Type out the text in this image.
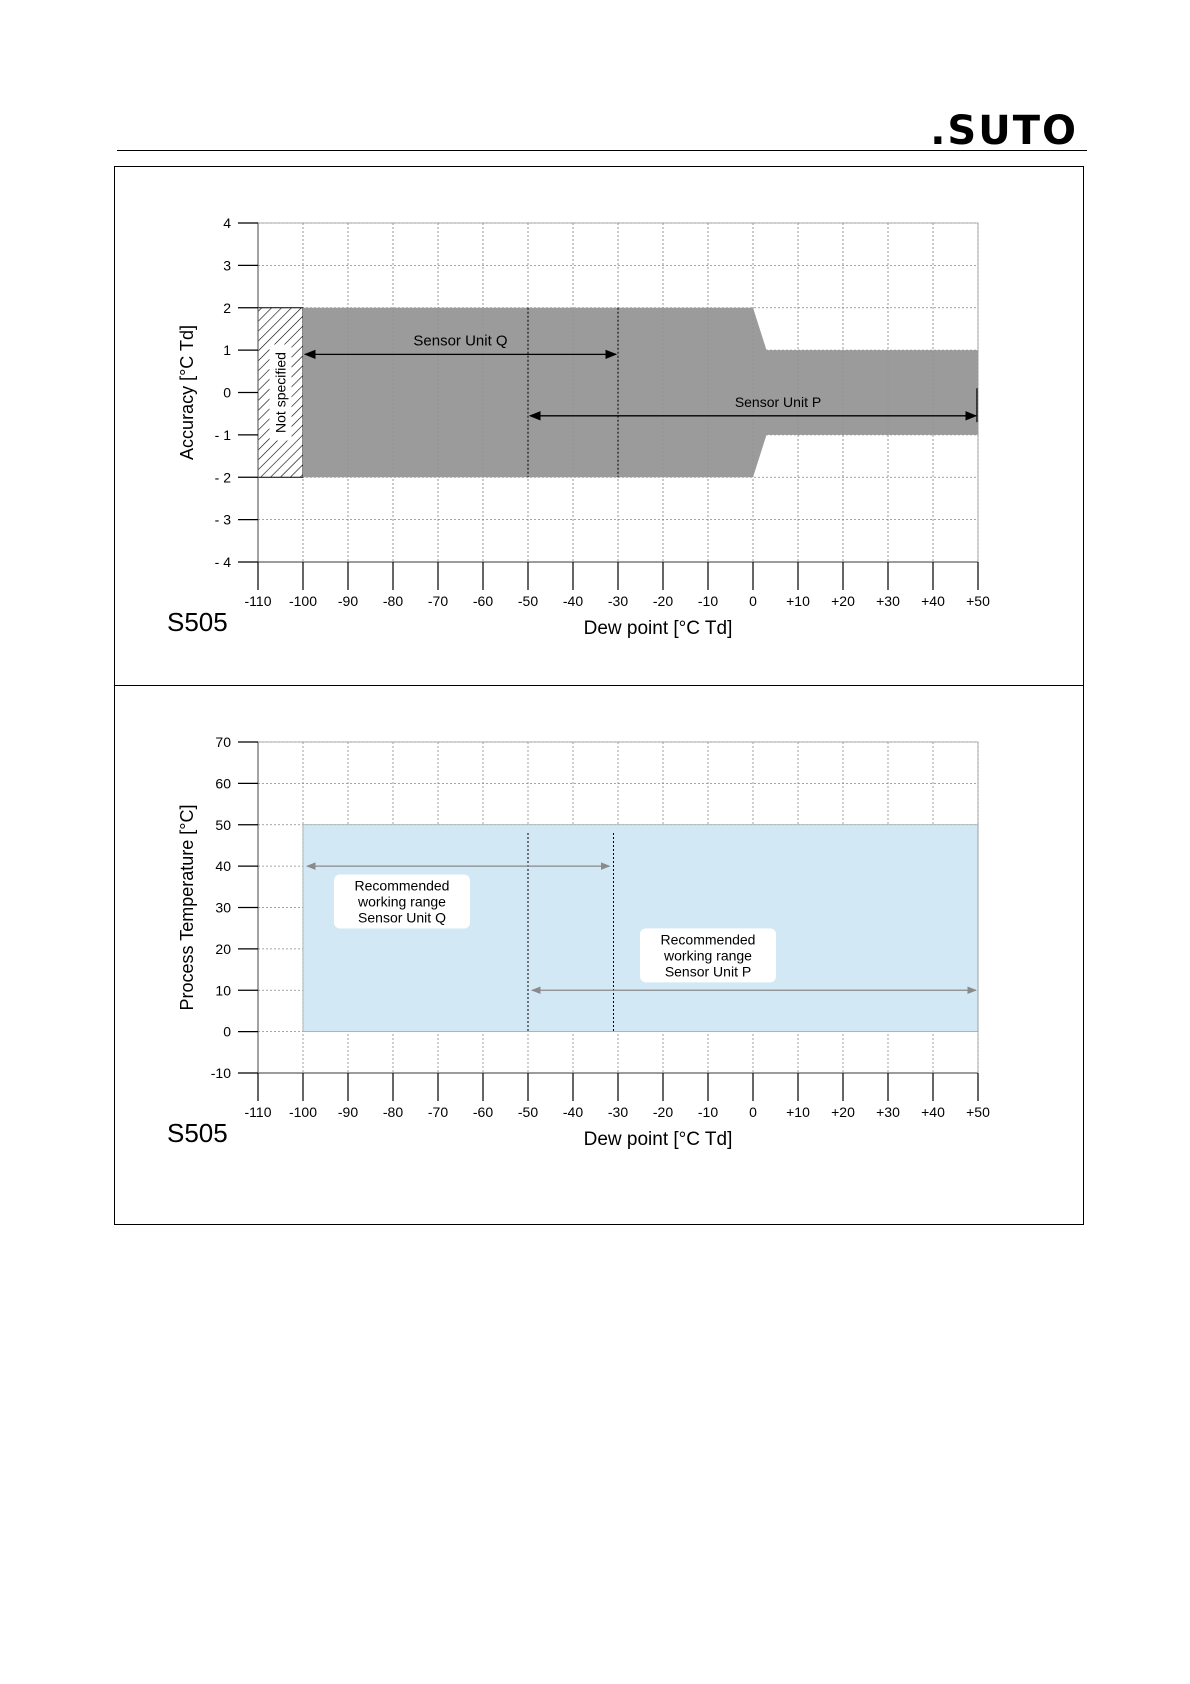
.SUTO
Not specified
Sensor Unit Q
Sensor Unit P
4
3
2
1
0
- 1
- 2
- 3
- 4
-110 -100 -90 -80 -70 -60 -50 -40 -30 -20 -10 0 +10 +20 +30 +40 +50
Accuracy [°C Td]
Dew point [°C Td]
S505
Recommended
working range
Sensor Unit Q
Recommended
working range
Sensor Unit P
70
60
50
40
30
20
10
0
-10
-110 -100 -90 -80 -70 -60 -50 -40 -30 -20 -10 0 +10 +20 +30 +40 +50
Process Temperature [°C]
Dew point [°C Td]
S505
